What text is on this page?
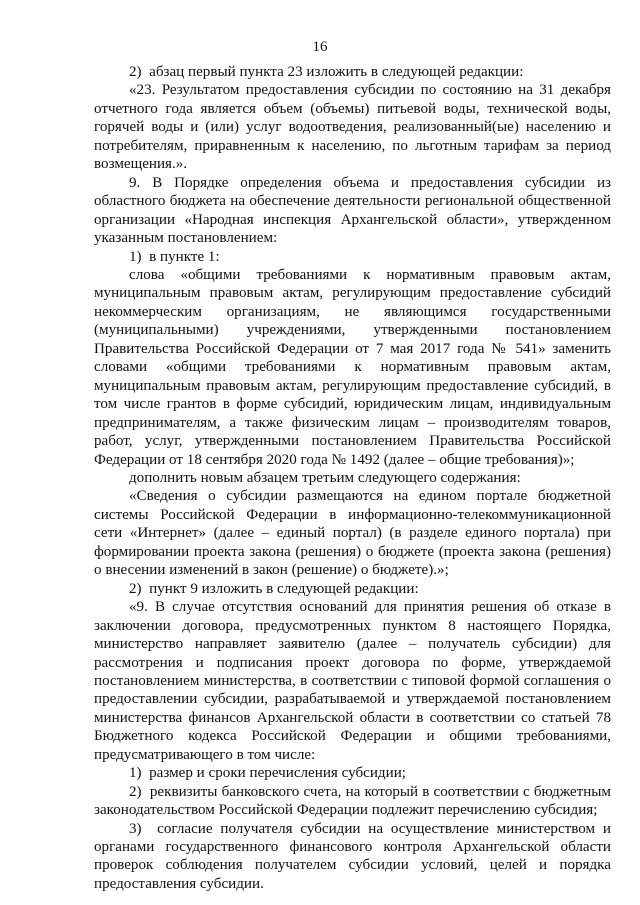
16

2)  абзац первый пункта 23 изложить в следующей редакции:

«23. Результатом предоставления субсидии по состоянию на 31 декабря отчетного года является объем (объемы) питьевой воды, технической воды, горячей воды и (или) услуг водоотведения, реализованный(ые) населению и потребителям, приравненным к населению, по льготным тарифам за период возмещения.».

9. В Порядке определения объема и предоставления субсидии из областного бюджета на обеспечение деятельности региональной общественной организации «Народная инспекция Архангельской области», утвержденном указанным постановлением:

1)  в пункте 1:

слова «общими требованиями к нормативным правовым актам, муниципальным правовым актам, регулирующим предоставление субсидий некоммерческим организациям, не являющимся государственными (муниципальными) учреждениями, утвержденными постановлением Правительства Российской Федерации от 7 мая 2017 года № 541» заменить словами «общими требованиями к нормативным правовым актам, муниципальным правовым актам, регулирующим предоставление субсидий, в том числе грантов в форме субсидий, юридическим лицам, индивидуальным предпринимателям, а также физическим лицам – производителям товаров, работ, услуг, утвержденными постановлением Правительства Российской Федерации от 18 сентября 2020 года № 1492 (далее – общие требования)»;

дополнить новым абзацем третьим следующего содержания:

«Сведения о субсидии размещаются на едином портале бюджетной системы Российской Федерации в информационно-телекоммуникационной сети «Интернет» (далее – единый портал) (в разделе единого портала) при формировании проекта закона (решения) о бюджете (проекта закона (решения) о внесении изменений в закон (решение) о бюджете).»;

2)  пункт 9 изложить в следующей редакции:

«9. В случае отсутствия оснований для принятия решения об отказе в заключении договора, предусмотренных пунктом 8 настоящего Порядка, министерство направляет заявителю (далее – получатель субсидии) для рассмотрения и подписания проект договора по форме, утверждаемой постановлением министерства, в соответствии с типовой формой соглашения о предоставлении субсидии, разрабатываемой и утверждаемой постановлением министерства финансов Архангельской области в соответствии со статьей 78 Бюджетного кодекса Российской Федерации и общими требованиями, предусматривающего в том числе:

1)  размер и сроки перечисления субсидии;

2)  реквизиты банковского счета, на который в соответствии с бюджетным законодательством Российской Федерации подлежит перечислению субсидия;

3)  согласие получателя субсидии на осуществление министерством и органами государственного финансового контроля Архангельской области проверок соблюдения получателем субсидии условий, целей и порядка предоставления субсидии.
